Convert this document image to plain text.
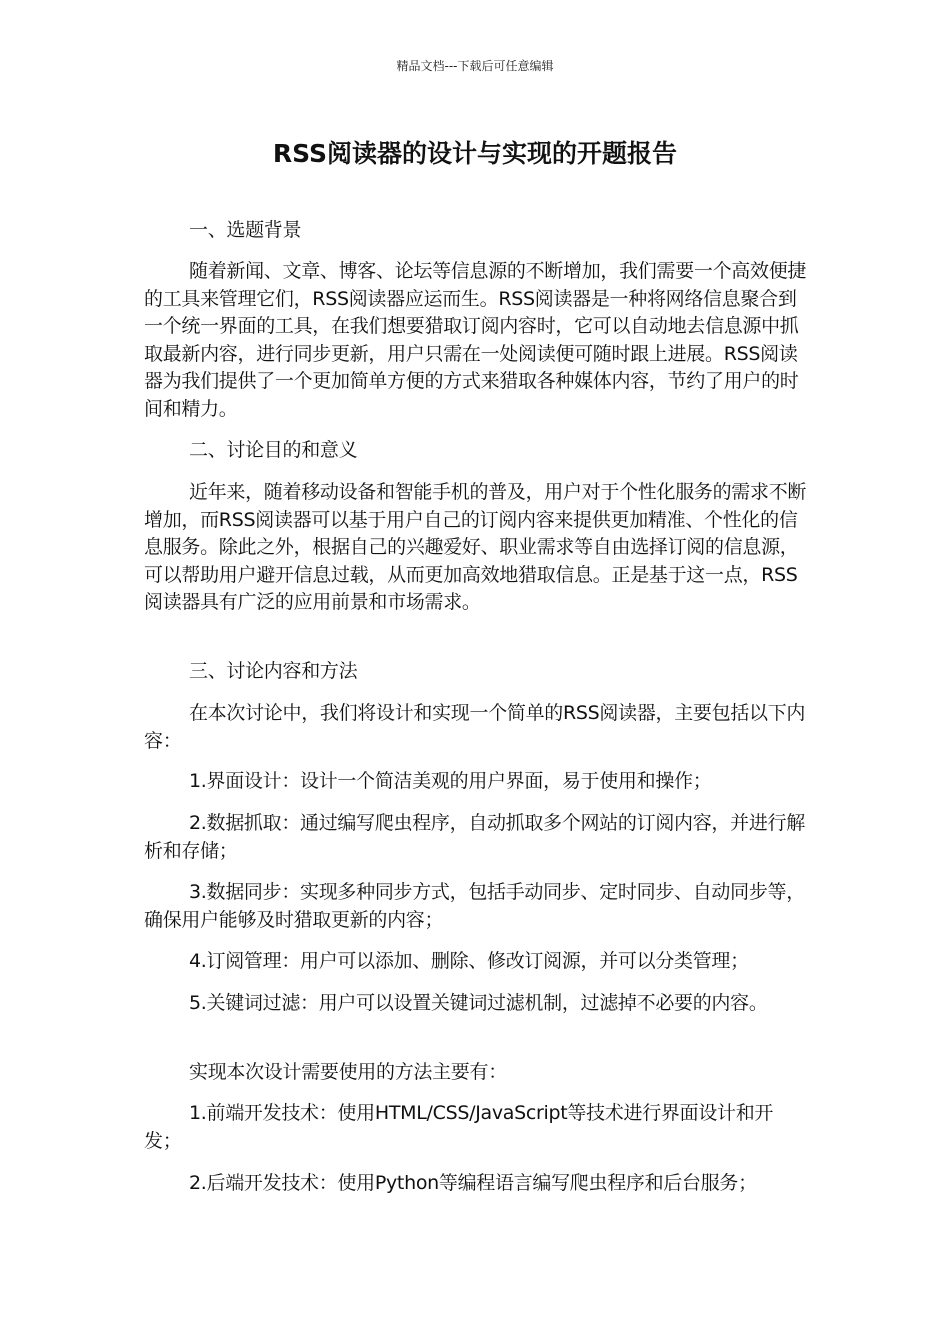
精品文档---下载后可任意编辑
RSS阅读器的设计与实现的开题报告

一、选题背景

随着新闻、文章、博客、论坛等信息源的不断增加，我们需要一个高效便捷的工具来管理它们，RSS阅读器应运而生。RSS阅读器是一种将网络信息聚合到一个统一界面的工具，在我们想要猎取订阅内容时，它可以自动地去信息源中抓取最新内容，进行同步更新，用户只需在一处阅读便可随时跟上进展。RSS阅读器为我们提供了一个更加简单方便的方式来猎取各种媒体内容，节约了用户的时间和精力。

二、讨论目的和意义

近年来，随着移动设备和智能手机的普及，用户对于个性化服务的需求不断增加，而RSS阅读器可以基于用户自己的订阅内容来提供更加精准、个性化的信息服务。除此之外，根据自己的兴趣爱好、职业需求等自由选择订阅的信息源，可以帮助用户避开信息过载，从而更加高效地猎取信息。正是基于这一点，RSS阅读器具有广泛的应用前景和市场需求。

三、讨论内容和方法

在本次讨论中，我们将设计和实现一个简单的RSS阅读器，主要包括以下内容：

1.界面设计：设计一个简洁美观的用户界面，易于使用和操作；

2.数据抓取：通过编写爬虫程序，自动抓取多个网站的订阅内容，并进行解析和存储；

3.数据同步：实现多种同步方式，包括手动同步、定时同步、自动同步等，确保用户能够及时猎取更新的内容；

4.订阅管理：用户可以添加、删除、修改订阅源，并可以分类管理；

5.关键词过滤：用户可以设置关键词过滤机制，过滤掉不必要的内容。

实现本次设计需要使用的方法主要有：

1.前端开发技术：使用HTML/CSS/JavaScript等技术进行界面设计和开发；

2.后端开发技术：使用Python等编程语言编写爬虫程序和后台服务；
